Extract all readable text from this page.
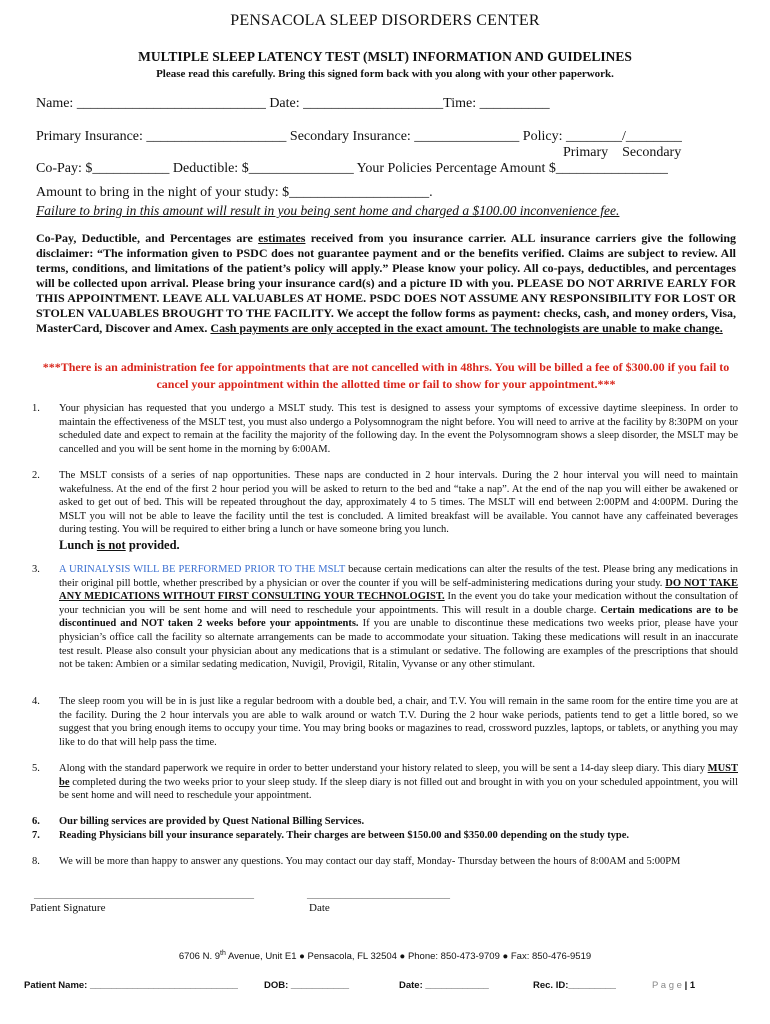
PENSACOLA SLEEP DISORDERS CENTER
MULTIPLE SLEEP LATENCY TEST (MSLT) INFORMATION AND GUIDELINES
Please read this carefully. Bring this signed form back with you along with your other paperwork.
Name: ___________________________ Date: ____________________Time: __________
Primary Insurance: ____________________ Secondary Insurance: _______________ Policy: ________/________
Primary    Secondary
Co-Pay: $___________ Deductible: $_______________ Your Policies Percentage Amount $________________
Amount to bring in the night of your study: $____________________.
Failure to bring in this amount will result in you being sent home and charged a $100.00 inconvenience fee.
Co-Pay, Deductible, and Percentages are estimates received from you insurance carrier. ALL insurance carriers give the following disclaimer: “The information given to PSDC does not guarantee payment and or the benefits verified. Claims are subject to review. All terms, conditions, and limitations of the patient’s policy will apply.” Please know your policy. All co-pays, deductibles, and percentages will be collected upon arrival. Please bring your insurance card(s) and a picture ID with you. PLEASE DO NOT ARRIVE EARLY FOR THIS APPOINTMENT. LEAVE ALL VALUABLES AT HOME. PSDC DOES NOT ASSUME ANY RESPONSIBILITY FOR LOST OR STOLEN VALUABLES BROUGHT TO THE FACILITY. We accept the follow forms as payment: checks, cash, and money orders, Visa, MasterCard, Discover and Amex. Cash payments are only accepted in the exact amount. The technologists are unable to make change.
***There is an administration fee for appointments that are not cancelled with in 48hrs. You will be billed a fee of $300.00 if you fail to cancel your appointment within the allotted time or fail to show for your appointment.***
1.	Your physician has requested that you undergo a MSLT study. This test is designed to assess your symptoms of excessive daytime sleepiness. In order to maintain the effectiveness of the MSLT test, you must also undergo a Polysomnogram the night before. You will need to arrive at the facility by 8:30PM on your scheduled date and expect to remain at the facility the majority of the following day. In the event the Polysomnogram shows a sleep disorder, the MSLT may be cancelled and you will be sent home in the morning by 6:00AM.
2.	The MSLT consists of a series of nap opportunities. These naps are conducted in 2 hour intervals. During the 2 hour interval you will need to maintain wakefulness. At the end of the first 2 hour period you will be asked to return to the bed and “take a nap”. At the end of the nap you will either be awakened or asked to get out of bed. This will be repeated throughout the day, approximately 4 to 5 times. The MSLT will end between 2:00PM and 4:00PM. During the MSLT you will not be able to leave the facility until the test is concluded. A limited breakfast will be available. You cannot have any caffeinated beverages during testing. You will be required to either bring a lunch or have someone bring you lunch.
Lunch is not provided.
3.	A URINALYSIS WILL BE PERFORMED PRIOR TO THE MSLT because certain medications can alter the results of the test. Please bring any medications in their original pill bottle, whether prescribed by a physician or over the counter if you will be self-administering medications during your study. DO NOT TAKE ANY MEDICATIONS WITHOUT FIRST CONSULTING YOUR TECHNOLOGIST. In the event you do take your medication without the consultation of your technician you will be sent home and will need to reschedule your appointments. This will result in a double charge. Certain medications are to be discontinued and NOT taken 2 weeks before your appointments. If you are unable to discontinue these medications two weeks prior, please have your physician’s office call the facility so alternate arrangements can be made to accommodate your situation. Taking these medications will result in an inaccurate test result. Please also consult your physician about any medications that is a stimulant or sedative. The following are examples of the prescriptions that should not be taken: Ambien or a similar sedating medication, Nuvigil, Provigil, Ritalin, Vyvanse or any other stimulant.
4.	The sleep room you will be in is just like a regular bedroom with a double bed, a chair, and T.V. You will remain in the same room for the entire time you are at the facility. During the 2 hour intervals you are able to walk around or watch T.V. During the 2 hour wake periods, patients tend to get a little bored, so we suggest that you bring enough items to occupy your time. You may bring books or magazines to read, crossword puzzles, laptops, or tablets, or anything you may like to do that will help pass the time.
5.	Along with the standard paperwork we require in order to better understand your history related to sleep, you will be sent a 14-day sleep diary. This diary MUST be completed during the two weeks prior to your sleep study. If the sleep diary is not filled out and brought in with you on your scheduled appointment, you will be sent home and will need to reschedule your appointment.
6.	Our billing services are provided by Quest National Billing Services.
7.	Reading Physicians bill your insurance separately. Their charges are between $150.00 and $350.00 depending on the study type.
8.	We will be more than happy to answer any questions. You may contact our day staff, Monday- Thursday between the hours of 8:00AM and 5:00PM
________________________________________
Patient Signature
__________________________
Date
6706 N. 9th Avenue, Unit E1 ● Pensacola, FL 32504 ● Phone: 850-473-9709 ● Fax: 850-476-9519
Patient Name: ____________________________	DOB: ___________	Date: ____________	Rec. ID:_________	P a g e | 1
